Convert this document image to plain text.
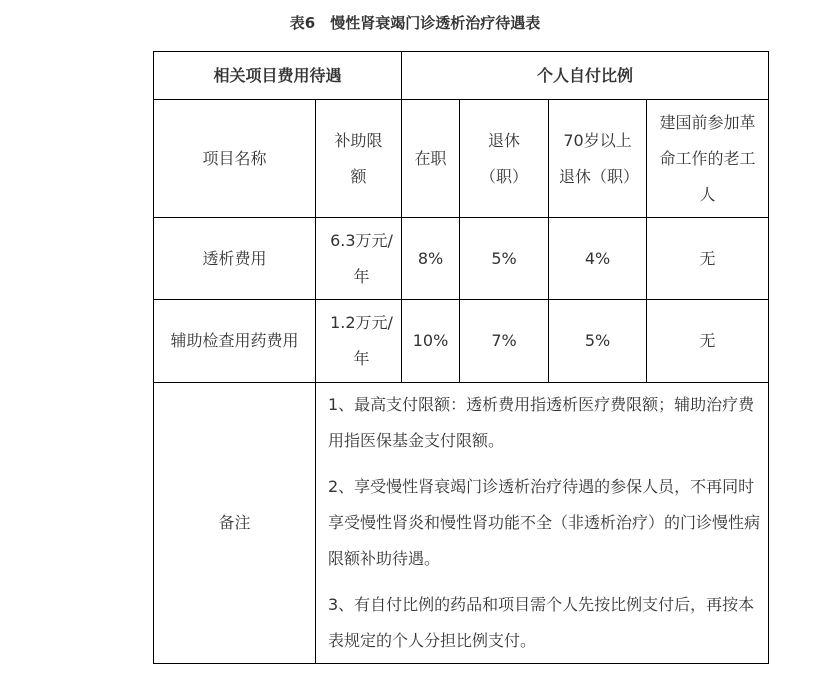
表6　慢性肾衰竭门诊透析治疗待遇表
相关项目费用待遇		个人自付比例			
项目名称	补助限额	在职	退休（职）	70岁以上退休（职）	建国前参加革命工作的老工人
透析费用	6.3万元/年	8%	5%	4%	无
辅助检查用药费用	1.2万元/年	10%	7%	5%	无
备注	1、最高支付限额：透析费用指透析医疗费限额；辅助治疗费用指医保基金支付限额。

2、享受慢性肾衰竭门诊透析治疗待遇的参保人员，不再同时享受慢性肾炎和慢性肾功能不全（非透析治疗）的门诊慢性病限额补助待遇。

3、有自付比例的药品和项目需个人先按比例支付后，再按本表规定的个人分担比例支付。				
